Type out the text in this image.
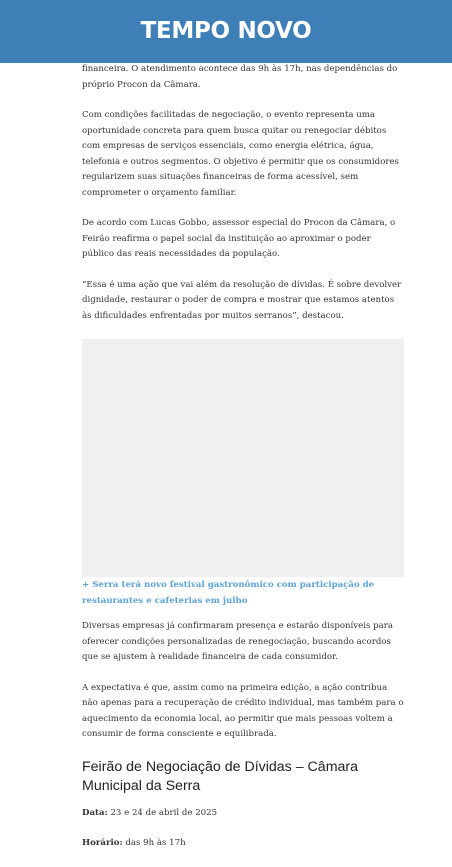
TEMPO NOVO

financeira. O atendimento acontece das 9h às 17h, nas dependências do próprio Procon da Câmara.

Com condições facilitadas de negociação, o evento representa uma oportunidade concreta para quem busca quitar ou renegociar débitos com empresas de serviços essenciais, como energia elétrica, água, telefonia e outros segmentos. O objetivo é permitir que os consumidores regularizem suas situações financeiras de forma acessível, sem comprometer o orçamento familiar.

De acordo com Lucas Gobbo, assessor especial do Procon da Câmara, o Feirão reafirma o papel social da instituição ao aproximar o poder público das reais necessidades da população.

“Essa é uma ação que vai além da resolução de dívidas. É sobre devolver dignidade, restaurar o poder de compra e mostrar que estamos atentos às dificuldades enfrentadas por muitos serranos”, destacou.

+ Serra terá novo festival gastronômico com participação de restaurantes e cafeterias em julho

Diversas empresas já confirmaram presença e estarão disponíveis para oferecer condições personalizadas de renegociação, buscando acordos que se ajustem à realidade financeira de cada consumidor.

A expectativa é que, assim como na primeira edição, a ação contribua não apenas para a recuperação de crédito individual, mas também para o aquecimento da economia local, ao permitir que mais pessoas voltem a consumir de forma consciente e equilibrada.

Feirão de Negociação de Dívidas – Câmara Municipal da Serra

Data: 23 e 24 de abril de 2025

Horário: das 9h às 17h
